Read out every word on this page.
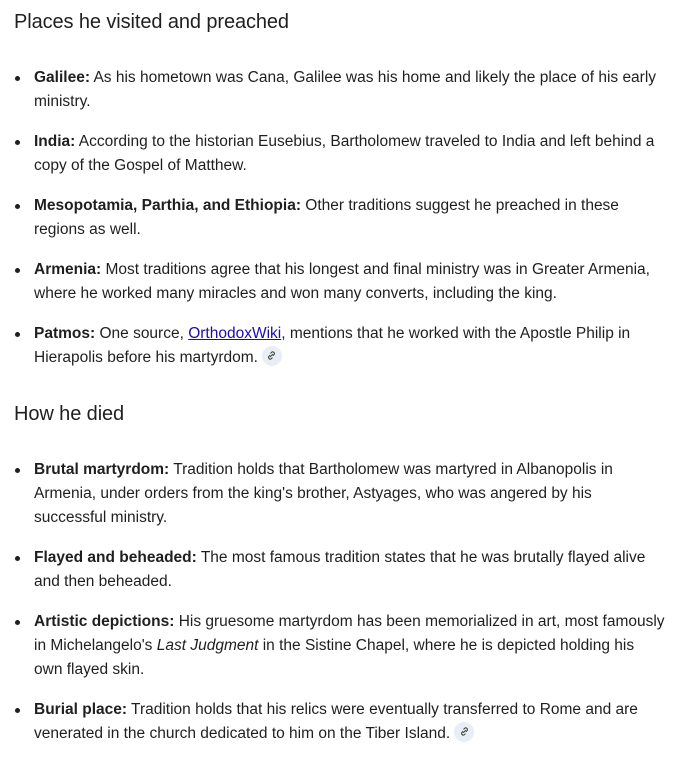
Places he visited and preached
Galilee: As his hometown was Cana, Galilee was his home and likely the place of his early ministry.
India: According to the historian Eusebius, Bartholomew traveled to India and left behind a copy of the Gospel of Matthew.
Mesopotamia, Parthia, and Ethiopia: Other traditions suggest he preached in these regions as well.
Armenia: Most traditions agree that his longest and final ministry was in Greater Armenia, where he worked many miracles and won many converts, including the king.
Patmos: One source, OrthodoxWiki, mentions that he worked with the Apostle Philip in Hierapolis before his martyrdom.
How he died
Brutal martyrdom: Tradition holds that Bartholomew was martyred in Albanopolis in Armenia, under orders from the king's brother, Astyages, who was angered by his successful ministry.
Flayed and beheaded: The most famous tradition states that he was brutally flayed alive and then beheaded.
Artistic depictions: His gruesome martyrdom has been memorialized in art, most famously in Michelangelo's Last Judgment in the Sistine Chapel, where he is depicted holding his own flayed skin.
Burial place: Tradition holds that his relics were eventually transferred to Rome and are venerated in the church dedicated to him on the Tiber Island.
